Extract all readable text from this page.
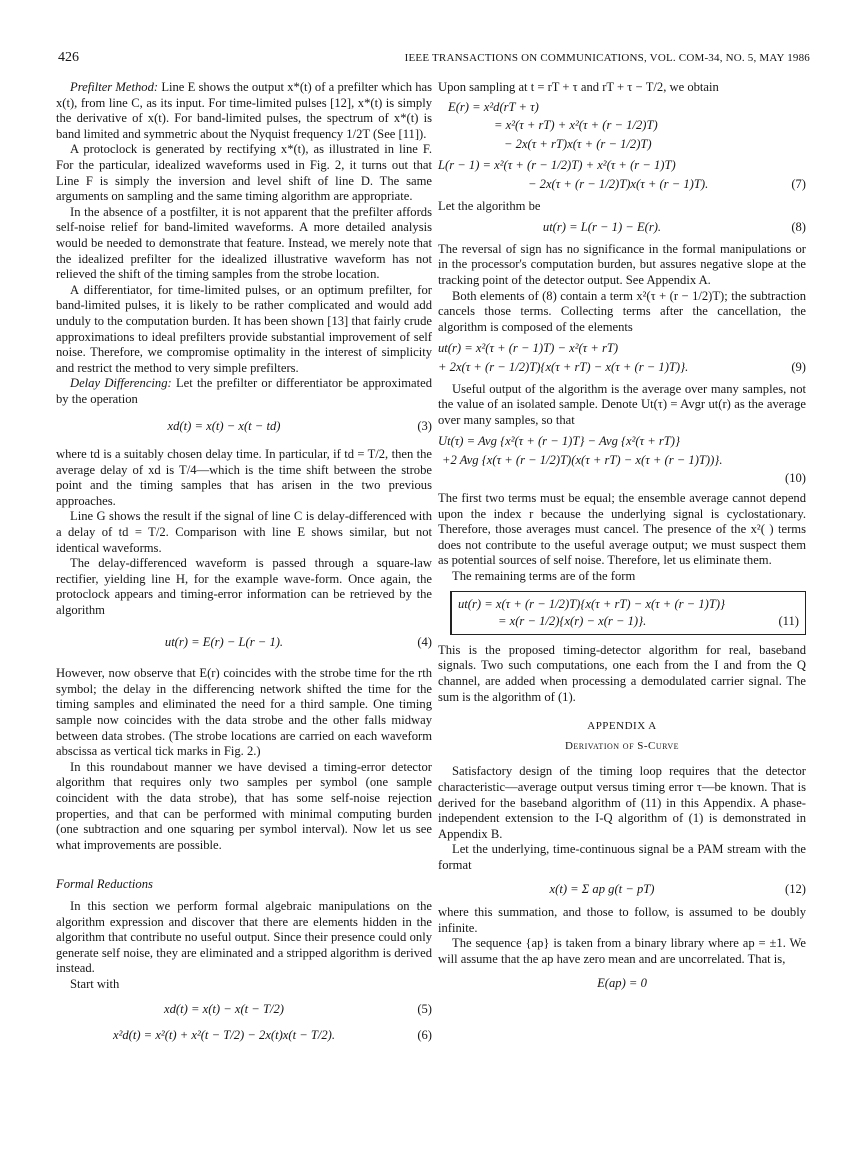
426	IEEE TRANSACTIONS ON COMMUNICATIONS, VOL. COM-34, NO. 5, MAY 1986

Prefilter Method: Line E shows the output x*(t) of a prefilter which has x(t), from line C, as its input. For time-limited pulses [12], x*(t) is simply the derivative of x(t). For band-limited pulses, the spectrum of x*(t) is band limited and symmetric about the Nyquist frequency 1/2T (See [11]).

A protoclock is generated by rectifying x*(t), as illustrated in line F. For the particular, idealized waveforms used in Fig. 2, it turns out that Line F is simply the inversion and level shift of line D. The same arguments on sampling and the same timing algorithm are appropriate.

In the absence of a postfilter, it is not apparent that the prefilter affords self-noise relief for band-limited waveforms. A more detailed analysis would be needed to demonstrate that feature. Instead, we merely note that the idealized prefilter for the idealized illustrative waveform has not relieved the shift of the timing samples from the strobe location.

A differentiator, for time-limited pulses, or an optimum prefilter, for band-limited pulses, it is likely to be rather complicated and would add unduly to the computation burden. It has been shown [13] that fairly crude approximations to ideal prefilters provide substantial improvement of self noise. Therefore, we compromise optimality in the interest of simplicity and restrict the method to very simple prefilters.

Delay Differencing: Let the prefilter or differentiator be approximated by the operation

xd(t) = x(t) − x(t − td)	(3)

where td is a suitably chosen delay time. In particular, if td = T/2, then the average delay of xd is T/4—which is the time shift between the strobe point and the timing samples that has arisen in the two previous approaches.

Line G shows the result if the signal of line C is delay-differenced with a delay of td = T/2. Comparison with line E shows similar, but not identical waveforms.

The delay-differenced waveform is passed through a square-law rectifier, yielding line H, for the example wave-form. Once again, the protoclock appears and timing-error information can be retrieved by the algorithm

ut(r) = E(r) − L(r − 1).	(4)

However, now observe that E(r) coincides with the strobe time for the rth symbol; the delay in the differencing network shifted the time for the timing samples and eliminated the need for a third sample. One timing sample now coincides with the data strobe and the other falls midway between data strobes. (The strobe locations are carried on each waveform abscissa as vertical tick marks in Fig. 2.)

In this roundabout manner we have devised a timing-error detector algorithm that requires only two samples per symbol (one sample coincident with the data strobe), that has some self-noise rejection properties, and that can be performed with minimal computing burden (one subtraction and one squaring per symbol interval). Now let us see what improvements are possible.

Formal Reductions

In this section we perform formal algebraic manipulations on the algorithm expression and discover that there are elements hidden in the algorithm that contribute no useful output. Since their presence could only generate self noise, they are eliminated and a stripped algorithm is derived instead.

Start with

xd(t) = x(t) − x(t − T/2)	(5)
x²d(t) = x²(t) + x²(t − T/2) − 2x(t)x(t − T/2).	(6)

Upon sampling at t = rT + τ and rT + τ − T/2, we obtain

E(r) = x²d(rT + τ)
= x²(τ + rT) + x²(τ + (r − 1/2)T)
− 2x(τ + rT)x(τ + (r − 1/2)T)
L(r − 1) = x²(τ + (r − 1/2)T) + x²(τ + (r − 1)T)
− 2x(τ + (r − 1/2)T)x(τ + (r − 1)T).	(7)

Let the algorithm be

ut(r) = L(r − 1) − E(r).	(8)

The reversal of sign has no significance in the formal manipulations or in the processor's computation burden, but assures negative slope at the tracking point of the detector output. See Appendix A.

Both elements of (8) contain a term x²(τ + (r − 1/2)T); the subtraction cancels those terms. Collecting terms after the cancellation, the algorithm is composed of the elements

ut(r) = x²(τ + (r − 1)T) − x²(τ + rT)
+ 2x(τ + (r − 1/2)T){x(τ + rT) − x(τ + (r − 1)T)}.	(9)

Useful output of the algorithm is the average over many samples, not the value of an isolated sample. Denote Ut(τ) = Avgr ut(r) as the average over many samples, so that

Ut(τ) = Avg {x²(τ + (r − 1)T} − Avg {x²(τ + rT)}
+2 Avg {x(τ + (r − 1/2)T)(x(τ + rT) − x(τ + (r − 1)T))}.
(10)

The first two terms must be equal; the ensemble average cannot depend upon the index r because the underlying signal is cyclostationary. Therefore, those averages must cancel. The presence of the x²( ) terms does not contribute to the useful average output; we must suspect them as potential sources of self noise. Therefore, let us eliminate them.

The remaining terms are of the form

ut(r) = x(τ + (r − 1/2)T){x(τ + rT) − x(τ + (r − 1)T)}
= x(r − 1/2){x(r) − x(r − 1)}.	(11)

This is the proposed timing-detector algorithm for real, baseband signals. Two such computations, one each from the I and from the Q channel, are added when processing a demodulated carrier signal. The sum is the algorithm of (1).

APPENDIX A
Derivation of S-Curve

Satisfactory design of the timing loop requires that the detector characteristic—average output versus timing error τ—be known. That is derived for the baseband algorithm of (11) in this Appendix. A phase-independent extension to the I-Q algorithm of (1) is demonstrated in Appendix B.

Let the underlying, time-continuous signal be a PAM stream with the format

x(t) = Σ ap g(t − pT)	(12)

where this summation, and those to follow, is assumed to be doubly infinite.

The sequence {ap} is taken from a binary library where ap = ±1. We will assume that the ap have zero mean and are uncorrelated. That is,

E(ap) = 0
